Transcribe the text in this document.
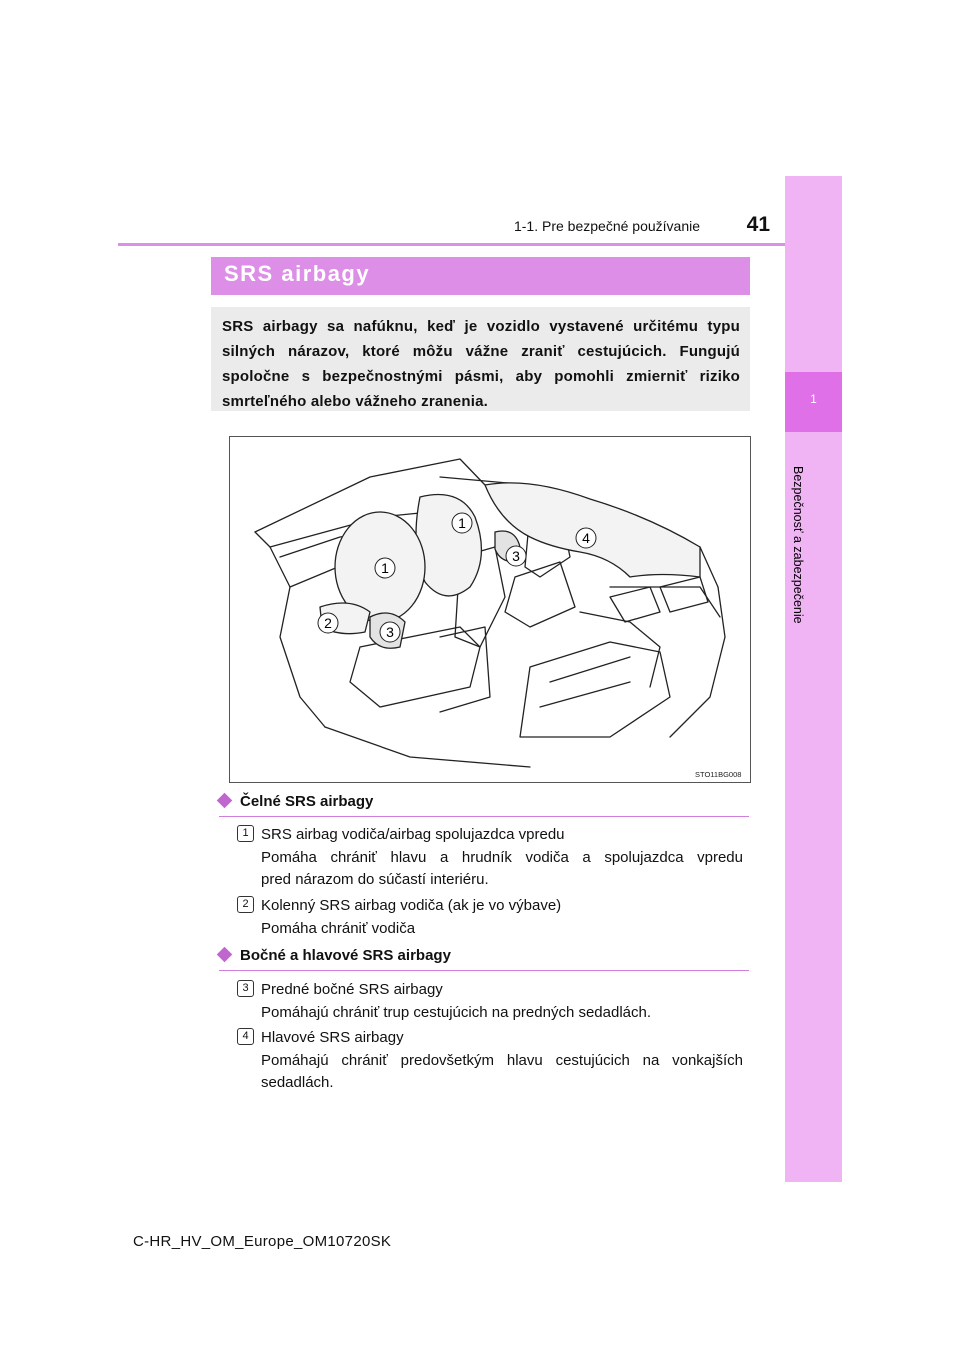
1
Bezpečnosť a zabezpečenie
1-1. Pre bezpečné používanie	41
SRS airbagy
SRS airbagy sa nafúknu, keď je vozidlo vystavené určitému typu
silných nárazov, ktoré môžu vážne zraniť cestujúcich. Fungujú
spoločne s bezpečnostnými pásmi, aby pomohli zmierniť riziko
smrteľného alebo vážneho zranenia.
1
1
2
3
3
4
STO11BG008
Čelné SRS airbagy
1 SRS airbag vodiča/airbag spolujazdca vpredu
Pomáha chrániť hlavu a hrudník vodiča a spolujazdca vpredu
pred nárazom do súčastí interiéru.
2 Kolenný SRS airbag vodiča (ak je vo výbave)
Pomáha chrániť vodiča
Bočné a hlavové SRS airbagy
3 Predné bočné SRS airbagy
Pomáhajú chrániť trup cestujúcich na predných sedadlách.
4 Hlavové SRS airbagy
Pomáhajú chrániť predovšetkým hlavu cestujúcich na vonkajších
sedadlách.
C-HR_HV_OM_Europe_OM10720SK
